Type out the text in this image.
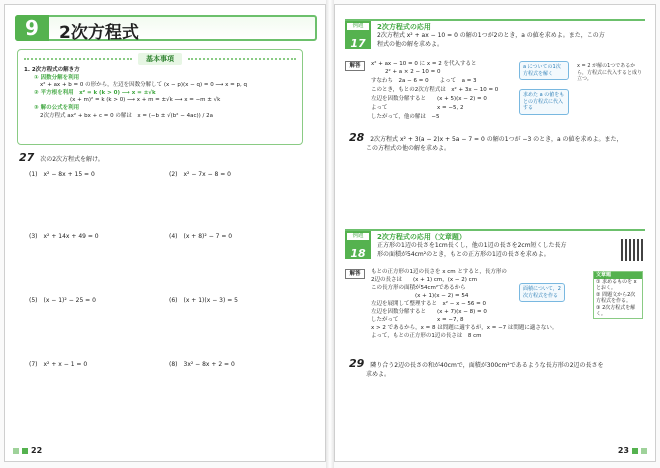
9	2次方程式
基本事項
1. 2次方程式の解き方
① 因数分解を利用
x² + ax + b = 0 の形から，左辺を因数分解して (x − p)(x − q) = 0 ⟶ x = p, q
② 平方根を利用　x² = k (k > 0) ⟶ x = ±√k
(x + m)² = k (k > 0) ⟶ x + m = ±√k ⟶ x = −m ± √k
③ 解の公式を利用
2次方程式 ax² + bx + c = 0 の解は　x = (−b ± √(b² − 4ac)) / 2a
27 次の2次方程式を解け。
(1)　x² − 8x + 15 = 0	(2)　x² − 7x − 8 = 0
(3)　x² + 14x + 49 = 0	(4)　(x + 8)² − 7 = 0
(5)　(x − 1)² − 25 = 0	(6)　(x + 1)(x − 3) = 5
(7)　x² + x − 1 = 0	(8)　3x² − 8x + 2 = 0
22
例題
17
2次方程式の応用
2次方程式 x² + ax − 10 = 0 の解の1つが2のとき，a の値を求めよ。また，この方
程式の他の解を求めよ。
解答	x² + ax − 10 = 0 に x = 2 を代入すると
2² + a × 2 − 10 = 0
すなわち　2a − 6 = 0　　よって　a = 3
このとき，もとの2次方程式は　x² + 3x − 10 = 0
左辺を因数分解すると　　(x + 5)(x − 2) = 0
よって　　　　　　　　　x = −5, 2
したがって，他の解は　−5
a についての1次方程式を解く
求めた a の値をもとの方程式に代入する
x = 2 が解の1つであるから，方程式に代入すると成り立つ。
28 2次方程式 x² + 3(a − 2)x + 5a − 7 = 0 の解の1つが −3 のとき，a の値を求めよ。また，
この方程式の他の解を求めよ。
例題
18
2次方程式の応用（文章題）
正方形の1辺の長さを1cm長くし，他の1辺の長さを2cm短くした長方
形の面積が54cm²のとき，もとの正方形の1辺の長さを求めよ。
解答	もとの正方形の1辺の長さを x cm とすると，長方形の
2辺の長さは　　(x + 1) cm，(x − 2) cm
この長方形の面積が54cm²であるから
　　　　　　　　(x + 1)(x − 2) = 54
左辺を展開して整理すると　x² − x − 56 = 0
左辺を因数分解すると　　(x + 7)(x − 8) = 0
したがって　　　　　　　x = −7, 8
x > 2 であるから，x = 8 は問題に適するが，x = −7 は問題に適さない。
よって，もとの正方形の1辺の長さは　8 cm
面積について，2次方程式を作る
文章題
① 求めるものを x とおく。
② 問題文から2次方程式を作る。
③ 2次方程式を解く。
29 隣り合う2辺の長さの和が40cmで，面積が300cm²であるような長方形の2辺の長さを
求めよ。
23
